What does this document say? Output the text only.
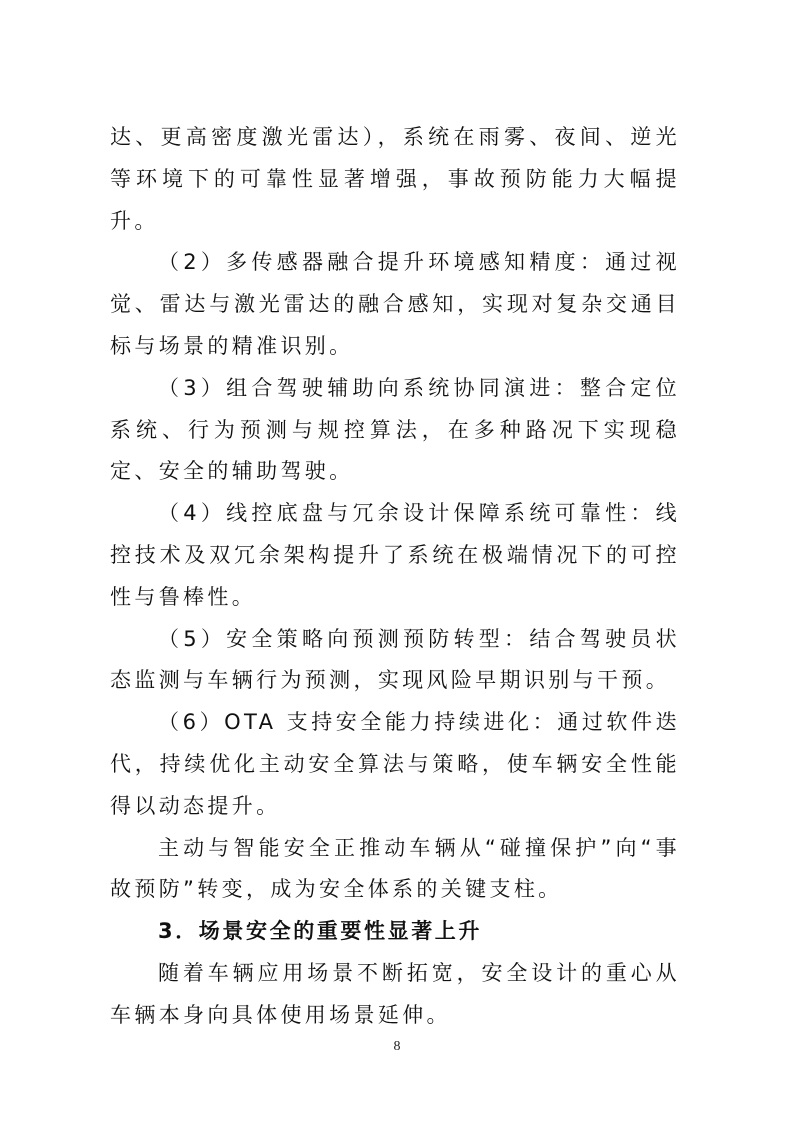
达、更高密度激光雷达），系统在雨雾、夜间、逆光等环境下的可靠性显著增强，事故预防能力大幅提升。

（2）多传感器融合提升环境感知精度：通过视觉、雷达与激光雷达的融合感知，实现对复杂交通目标与场景的精准识别。

（3）组合驾驶辅助向系统协同演进：整合定位系统、行为预测与规控算法，在多种路况下实现稳定、安全的辅助驾驶。

（4）线控底盘与冗余设计保障系统可靠性：线控技术及双冗余架构提升了系统在极端情况下的可控性与鲁棒性。

（5）安全策略向预测预防转型：结合驾驶员状态监测与车辆行为预测，实现风险早期识别与干预。

（6）OTA 支持安全能力持续进化：通过软件迭代，持续优化主动安全算法与策略，使车辆安全性能得以动态提升。

主动与智能安全正推动车辆从“碰撞保护”向“事故预防”转变，成为安全体系的关键支柱。

3．场景安全的重要性显著上升

随着车辆应用场景不断拓宽，安全设计的重心从车辆本身向具体使用场景延伸。

8
